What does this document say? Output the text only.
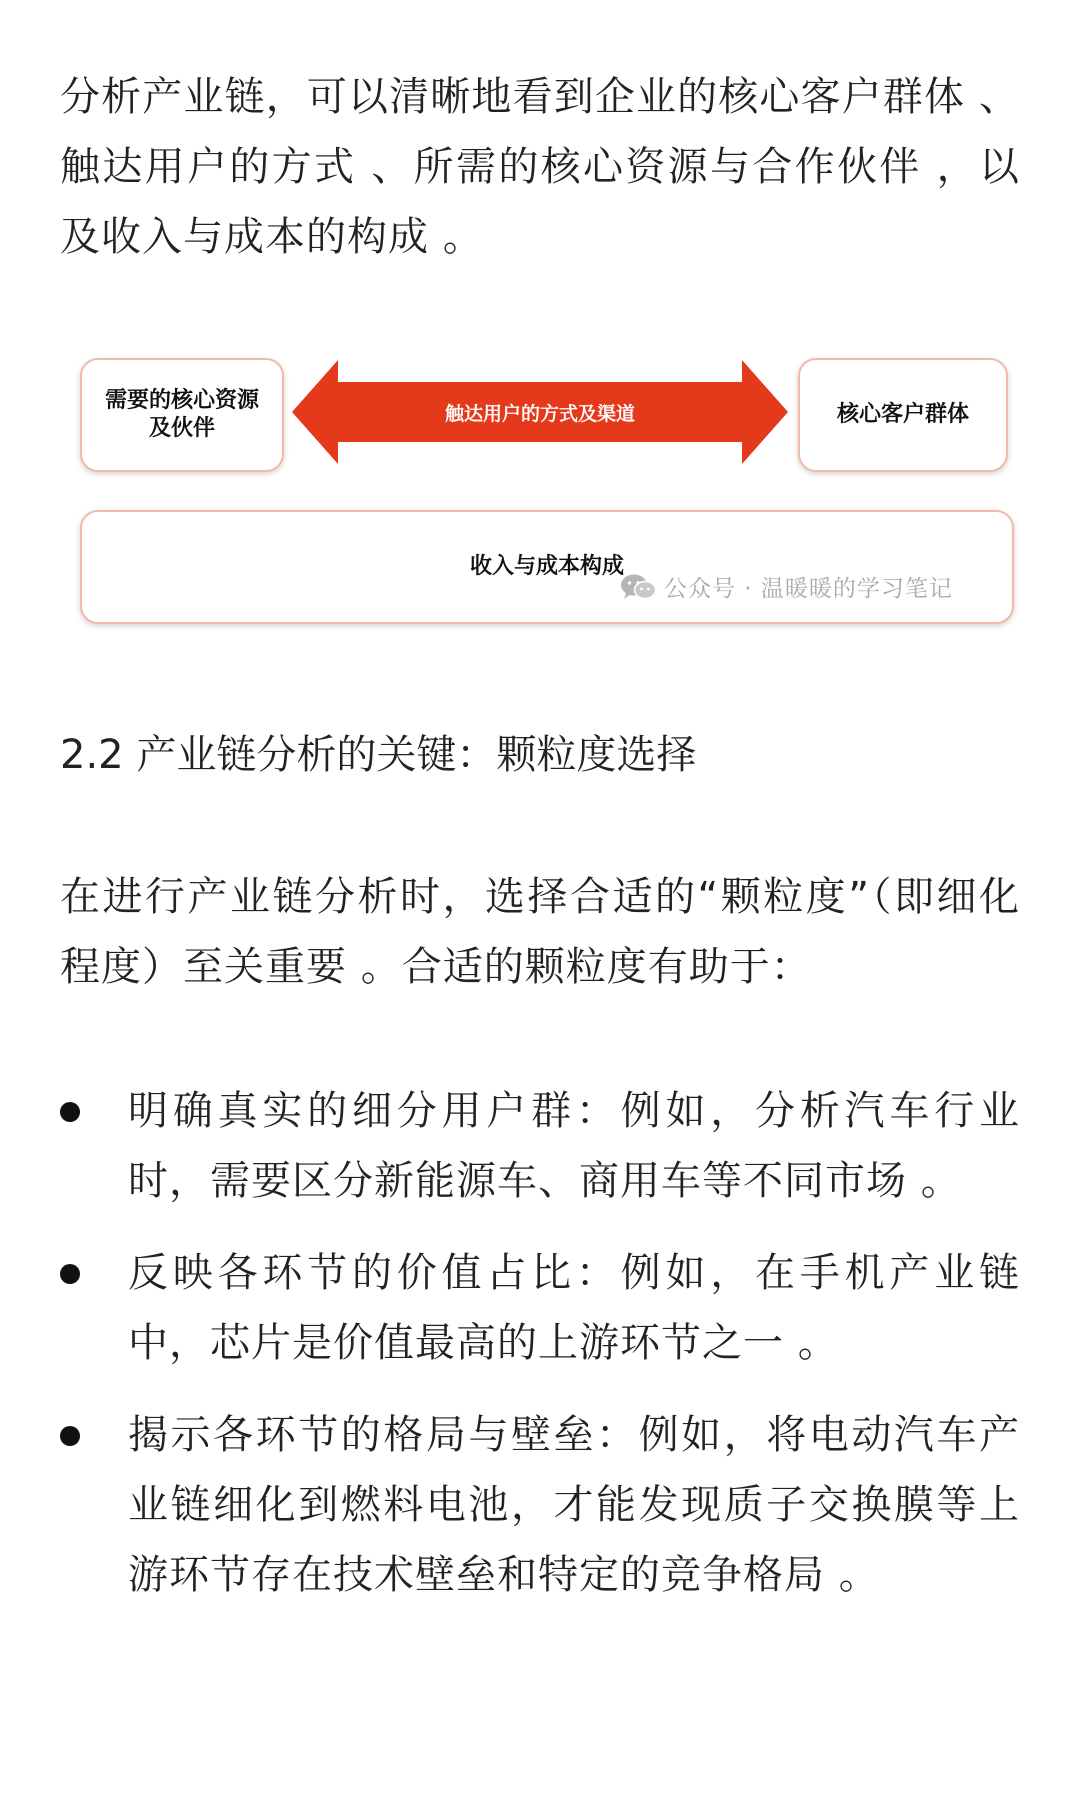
分析产业链，可以清晰地看到企业的核心客户群体 、触达用户的方式 、所需的核心资源与合作伙伴 ，以及收入与成本的构成 。

需要的核心资源
及伙伴
触达用户的方式及渠道	核心客户群体
收入与成本构成
公众号 · 温暖暖的学习笔记
2.2 产业链分析的关键：颗粒度选择

在进行产业链分析时，选择合适的“颗粒度”（即细化程度）至关重要 。合适的颗粒度有助于：

明确真实的细分用户群：例如，分析汽车行业时，需要区分新能源车、商用车等不同市场 。
反映各环节的价值占比：例如，在手机产业链中，芯片是价值最高的上游环节之一 。
揭示各环节的格局与壁垒：例如，将电动汽车产业链细化到燃料电池，才能发现质子交换膜等上游环节存在技术壁垒和特定的竞争格局 。
